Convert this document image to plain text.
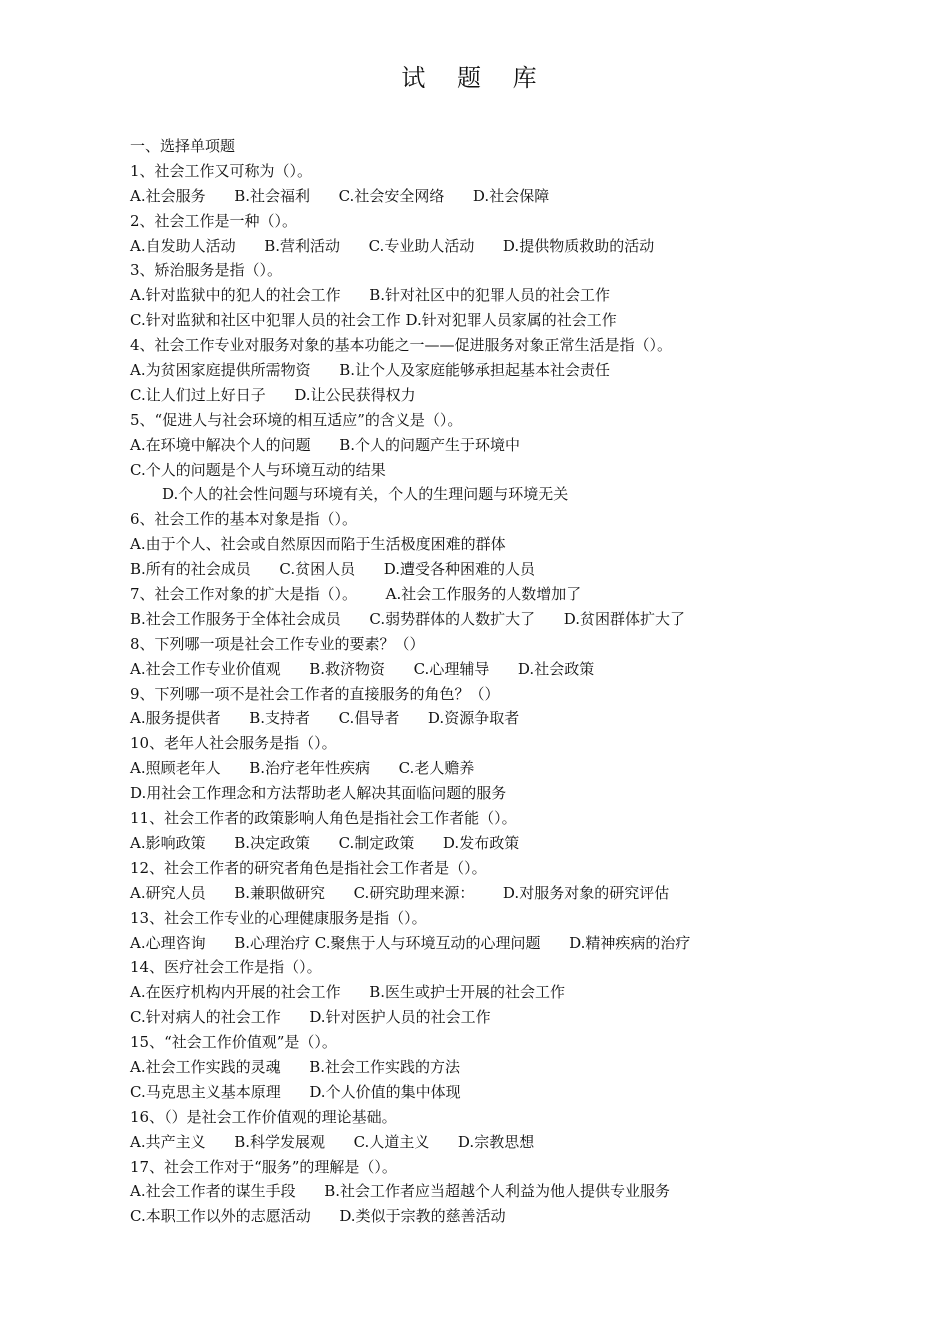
试 题 库
一、选择单项题
1、社会工作又可称为（）。
A.社会服务      B.社会福利      C.社会安全网络      D.社会保障
2、社会工作是一种（）。
A.自发助人活动      B.营利活动      C.专业助人活动      D.提供物质救助的活动
3、矫治服务是指（）。
A.针对监狱中的犯人的社会工作      B.针对社区中的犯罪人员的社会工作
C.针对监狱和社区中犯罪人员的社会工作 D.针对犯罪人员家属的社会工作
4、社会工作专业对服务对象的基本功能之一——促进服务对象正常生活是指（）。
A.为贫困家庭提供所需物资      B.让个人及家庭能够承担起基本社会责任
C.让人们过上好日子      D.让公民获得权力
5、“促进人与社会环境的相互适应”的含义是（）。
A.在环境中解决个人的问题      B.个人的问题产生于环境中
C.个人的问题是个人与环境互动的结果
D.个人的社会性问题与环境有关，个人的生理问题与环境无关
6、社会工作的基本对象是指（）。
A.由于个人、社会或自然原因而陷于生活极度困难的群体
B.所有的社会成员      C.贫困人员      D.遭受各种困难的人员
7、社会工作对象的扩大是指（）。      A.社会工作服务的人数增加了
B.社会工作服务于全体社会成员      C.弱势群体的人数扩大了      D.贫困群体扩大了
8、下列哪一项是社会工作专业的要素？（）
A.社会工作专业价值观      B.救济物资      C.心理辅导      D.社会政策
9、下列哪一项不是社会工作者的直接服务的角色？（）
A.服务提供者      B.支持者      C.倡导者      D.资源争取者
10、老年人社会服务是指（）。
A.照顾老年人      B.治疗老年性疾病      C.老人赡养
D.用社会工作理念和方法帮助老人解决其面临问题的服务
11、社会工作者的政策影响人角色是指社会工作者能（）。
A.影响政策      B.决定政策      C.制定政策      D.发布政策
12、社会工作者的研究者角色是指社会工作者是（）。
A.研究人员      B.兼职做研究      C.研究助理来源：      D.对服务对象的研究评估
13、社会工作专业的心理健康服务是指（）。
A.心理咨询      B.心理治疗 C.聚焦于人与环境互动的心理问题      D.精神疾病的治疗
14、医疗社会工作是指（）。
A.在医疗机构内开展的社会工作      B.医生或护士开展的社会工作
C.针对病人的社会工作      D.针对医护人员的社会工作
15、“社会工作价值观”是（）。
A.社会工作实践的灵魂      B.社会工作实践的方法
C.马克思主义基本原理      D.个人价值的集中体现
16、（）是社会工作价值观的理论基础。
A.共产主义      B.科学发展观      C.人道主义      D.宗教思想
17、社会工作对于“服务”的理解是（）。
A.社会工作者的谋生手段      B.社会工作者应当超越个人利益为他人提供专业服务
C.本职工作以外的志愿活动      D.类似于宗教的慈善活动
